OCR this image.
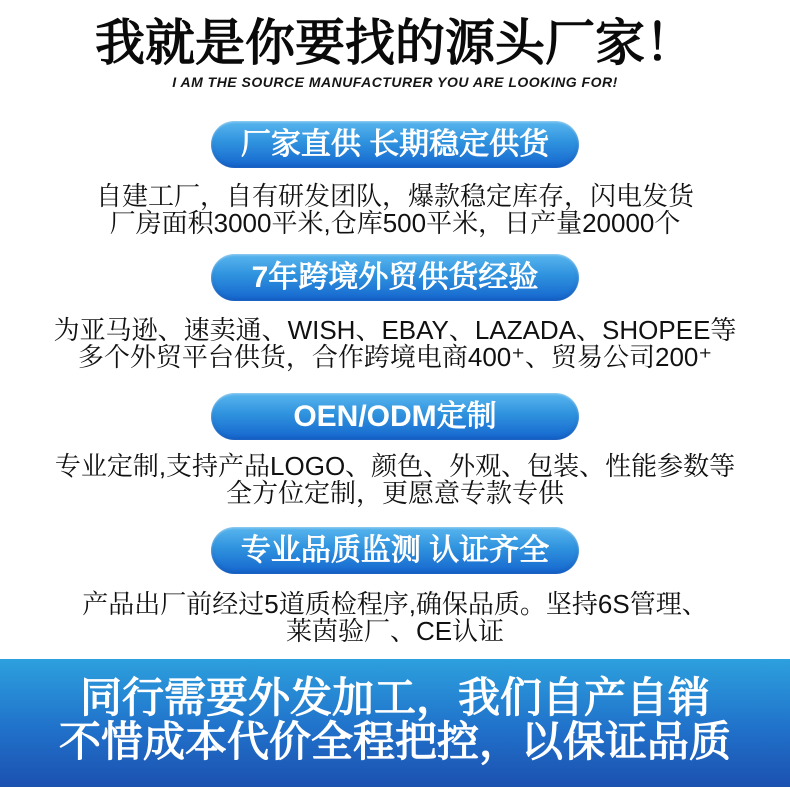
我就是你要找的源头厂家！
I AM THE SOURCE MANUFACTURER YOU ARE LOOKING FOR!
厂家直供 长期稳定供货

自建工厂，自有研发团队，爆款稳定库存，闪电发货

厂房面积3000平米,仓库500平米，日产量20000个

7年跨境外贸供货经验

为亚马逊、速卖通、WISH、EBAY、LAZADA、SHOPEE等

多个外贸平台供货，合作跨境电商400⁺、贸易公司200⁺

OEN/ODM定制

专业定制,支持产品LOGO、颜色、外观、包装、性能参数等

全方位定制，更愿意专款专供

专业品质监测 认证齐全

产品出厂前经过5道质检程序,确保品质。坚持6S管理、

莱茵验厂、CE认证

同行需要外发加工，我们自产自销
不惜成本代价全程把控，以保证品质
